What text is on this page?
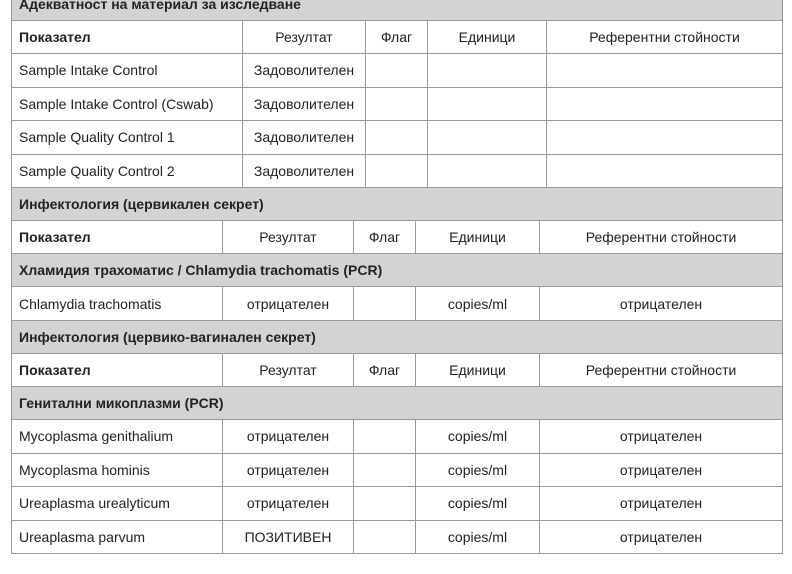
Адекватност на материал за изследване				
Показател	Резултат	Флаг	Единици	Референтни стойности
Sample Intake Control	Задоволителен			
Sample Intake Control (Cswab)	Задоволителен			
Sample Quality Control 1	Задоволителен			
Sample Quality Control 2	Задоволителен			
Инфектология (цервикален секрет)				
Показател	Резултат	Флаг	Единици	Референтни стойности
Хламидия трахоматис / Chlamydia trachomatis (PCR)				
Chlamydia trachomatis	отрицателен		copies/ml	отрицателен
Инфектология (цервико-вагинален секрет)				
Показател	Резултат	Флаг	Единици	Референтни стойности
Генитални микоплазми (PCR)				
Mycoplasma genithalium	отрицателен		copies/ml	отрицателен
Mycoplasma hominis	отрицателен		copies/ml	отрицателен
Ureaplasma urealyticum	отрицателен		copies/ml	отрицателен
Ureaplasma parvum	ПОЗИТИВЕН		copies/ml	отрицателен
